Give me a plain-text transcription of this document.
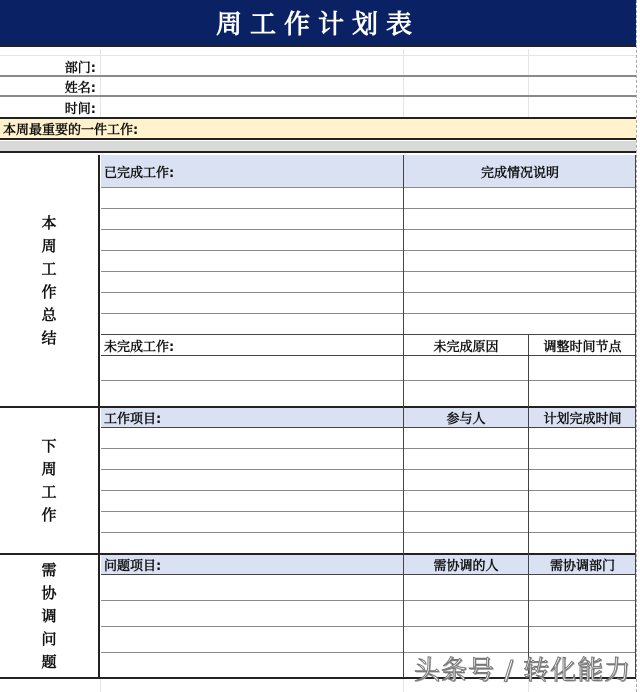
周工作计划表
部门:
姓名:
时间:
本周最重要的一件工作:
本
周
工
作
总
结
已完成工作:	完成情况说明
未完成工作:	未完成原因	调整时间节点
下
周
工
作
工作项目:	参与人	计划完成时间
需
协
调
问
题
问题项目:	需协调的人	需协调部门
头条号 / 转化能力
